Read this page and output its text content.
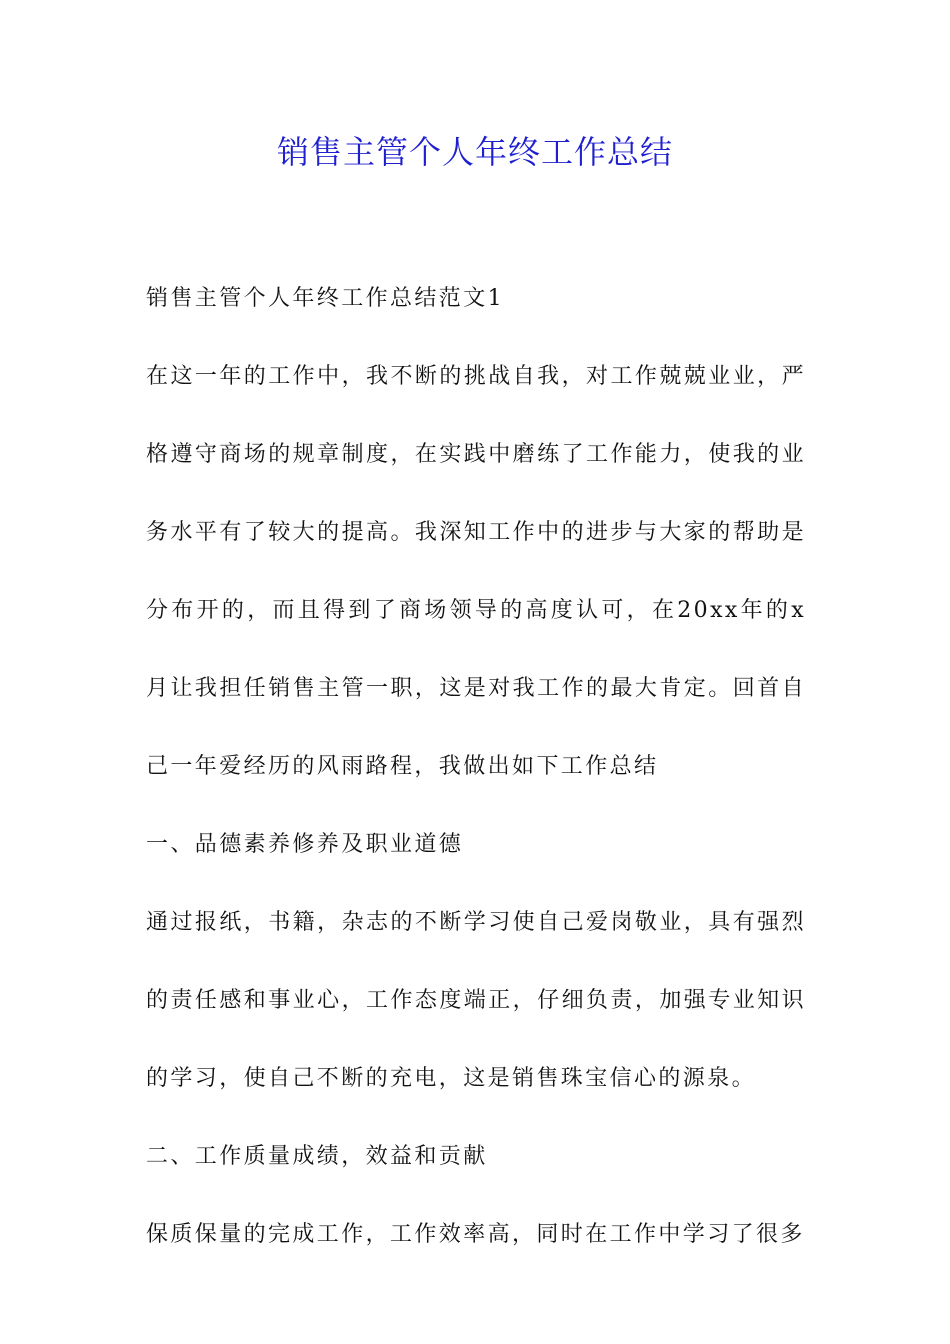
销售主管个人年终工作总结

销售主管个人年终工作总结范文1

在这一年的工作中，我不断的挑战自我，对工作兢兢业业，严格遵守商场的规章制度，在实践中磨练了工作能力，使我的业务水平有了较大的提高。我深知工作中的进步与大家的帮助是分布开的，而且得到了商场领导的高度认可，在20xx年的x月让我担任销售主管一职，这是对我工作的最大肯定。回首自己一年爱经历的风雨路程，我做出如下工作总结

一、品德素养修养及职业道德

通过报纸，书籍，杂志的不断学习使自己爱岗敬业，具有强烈的责任感和事业心，工作态度端正，仔细负责，加强专业知识的学习，使自己不断的充电，这是销售珠宝信心的源泉。

二、工作质量成绩，效益和贡献

保质保量的完成工作，工作效率高，同时在工作中学习了很多
